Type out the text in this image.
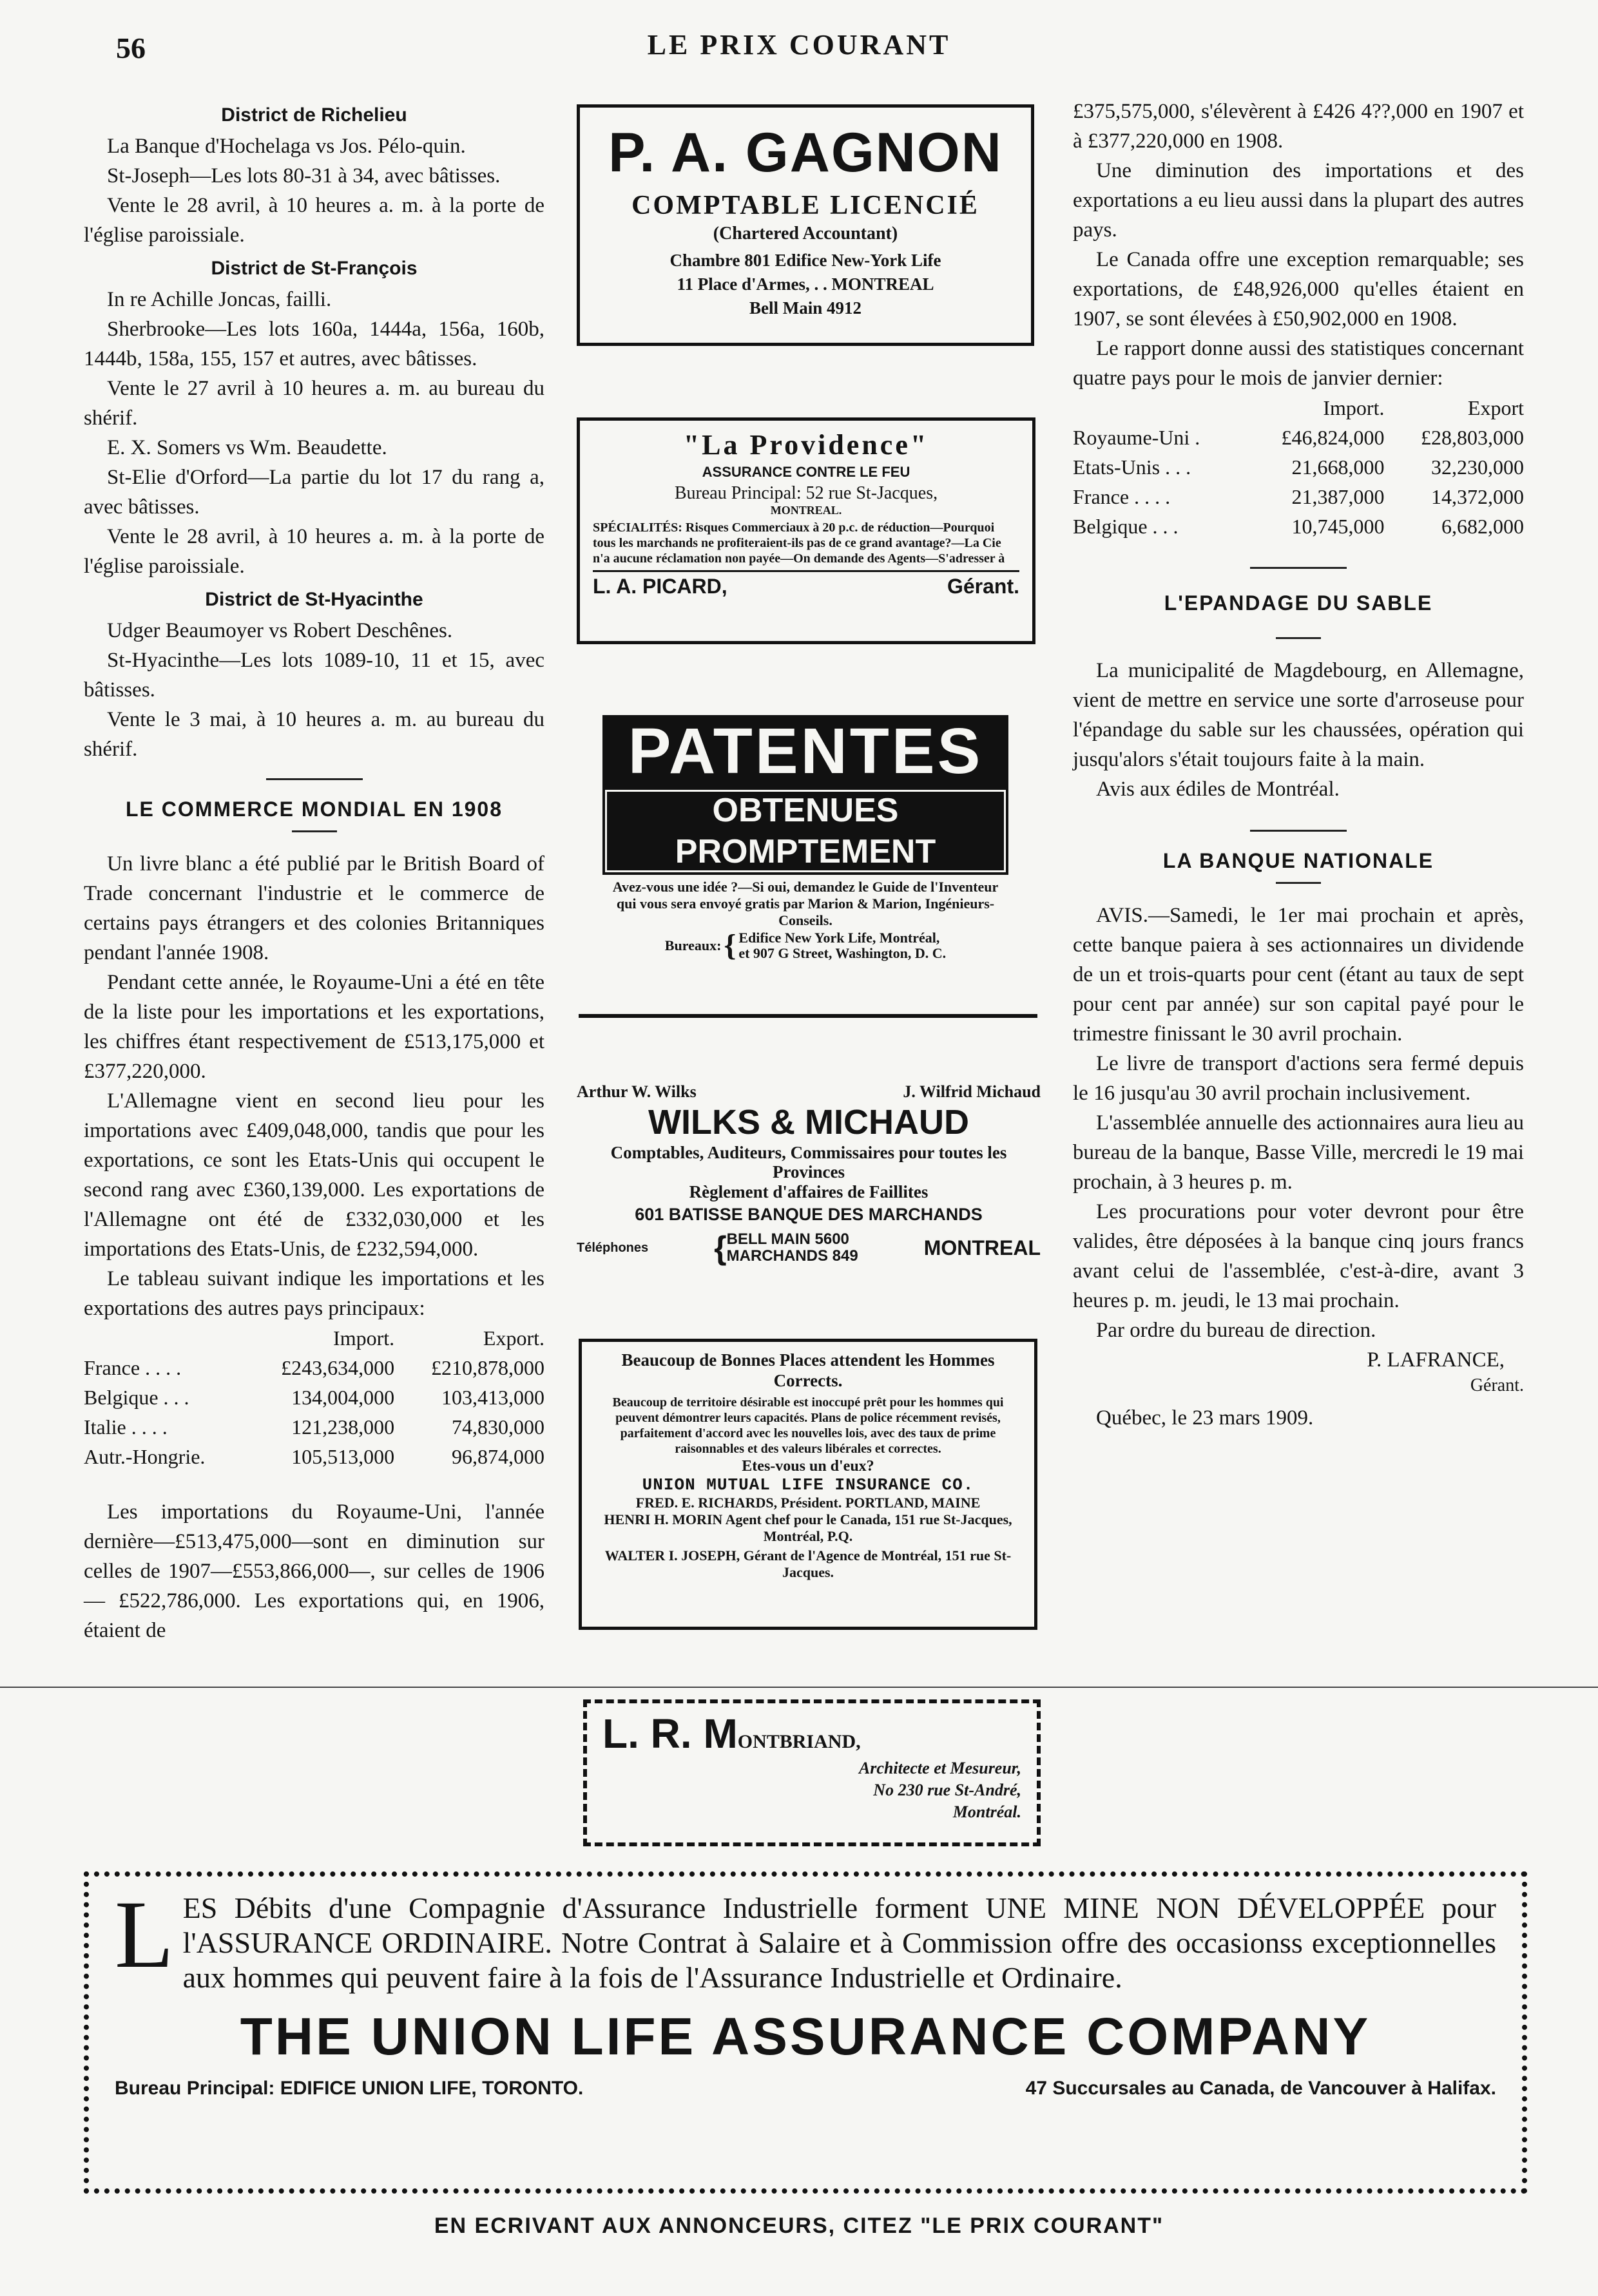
56	LE PRIX COURANT
District de Richelieu

La Banque d'Hochelaga vs Jos. Pélo-quin.

St-Joseph—Les lots 80-31 à 34, avec bâtisses.

Vente le 28 avril, à 10 heures a. m. à la porte de l'église paroissiale.

District de St-François

In re Achille Joncas, failli.

Sherbrooke—Les lots 160a, 1444a, 156a, 160b, 1444b, 158a, 155, 157 et autres, avec bâtisses.

Vente le 27 avril à 10 heures a. m. au bureau du shérif.

E. X. Somers vs Wm. Beaudette.

St-Elie d'Orford—La partie du lot 17 du rang a, avec bâtisses.

Vente le 28 avril, à 10 heures a. m. à la porte de l'église paroissiale.

District de St-Hyacinthe

Udger Beaumoyer vs Robert Deschênes.

St-Hyacinthe—Les lots 1089-10, 11 et 15, avec bâtisses.

Vente le 3 mai, à 10 heures a. m. au bureau du shérif.

LE COMMERCE MONDIAL EN 1908

Un livre blanc a été publié par le British Board of Trade concernant l'industrie et le commerce de certains pays étrangers et des colonies Britanniques pendant l'année 1908.

Pendant cette année, le Royaume-Uni a été en tête de la liste pour les importations et les exportations, les chiffres étant respectivement de £513,175,000 et £377,220,000.

L'Allemagne vient en second lieu pour les importations avec £409,048,000, tandis que pour les exportations, ce sont les Etats-Unis qui occupent le second rang avec £360,139,000. Les exportations de l'Allemagne ont été de £332,030,000 et les importations des Etats-Unis, de £232,594,000.

Le tableau suivant indique les importations et les exportations des autres pays principaux:

	Import.	Export.
France . . . .	£243,634,000	£210,878,000
Belgique . . .	134,004,000	103,413,000
Italie . . . .	121,238,000	74,830,000
Autr.-Hongrie.	105,513,000	96,874,000

Les importations du Royaume-Uni, l'année dernière—£513,475,000—sont en diminution sur celles de 1907—£553,866,000—, sur celles de 1906 — £522,786,000. Les exportations qui, en 1906, étaient de

£375,575,000, s'élevèrent à £426 4??,000 en 1907 et à £377,220,000 en 1908.

Une diminution des importations et des exportations a eu lieu aussi dans la plupart des autres pays.

Le Canada offre une exception remarquable; ses exportations, de £48,926,000 qu'elles étaient en 1907, se sont élevées à £50,902,000 en 1908.

Le rapport donne aussi des statistiques concernant quatre pays pour le mois de janvier dernier:

	Import.	Export
Royaume-Uni .	£46,824,000	£28,803,000
Etats-Unis . . .	21,668,000	32,230,000
France . . . .	21,387,000	14,372,000
Belgique . . .	10,745,000	6,682,000
L'EPANDAGE DU SABLE

La municipalité de Magdebourg, en Allemagne, vient de mettre en service une sorte d'arroseuse pour l'épandage du sable sur les chaussées, opération qui jusqu'alors s'était toujours faite à la main.

Avis aux édiles de Montréal.

LA BANQUE NATIONALE

AVIS.—Samedi, le 1er mai prochain et après, cette banque paiera à ses actionnaires un dividende de un et trois-quarts pour cent (étant au taux de sept pour cent par année) sur son capital payé pour le trimestre finissant le 30 avril prochain.

Le livre de transport d'actions sera fermé depuis le 16 jusqu'au 30 avril prochain inclusivement.

L'assemblée annuelle des actionnaires aura lieu au bureau de la banque, Basse Ville, mercredi le 19 mai prochain, à 3 heures p. m.

Les procurations pour voter devront pour être valides, être déposées à la banque cinq jours francs avant celui de l'assemblée, c'est-à-dire, avant 3 heures p. m. jeudi, le 13 mai prochain.

Par ordre du bureau de direction.

P. LAFRANCE,

Gérant.

Québec, le 23 mars 1909.

P. A. GAGNON
COMPTABLE LICENCIÉ
(Chartered Accountant)
Chambre 801 Edifice New-York Life
11 Place d'Armes, . . MONTREAL
Bell Main 4912
"La Providence"
ASSURANCE CONTRE LE FEU
Bureau Principal: 52 rue St-Jacques,
MONTREAL.
SPÉCIALITÉS: Risques Commerciaux à 20 p.c. de réduction—Pourquoi tous les marchands ne profiteraient-ils pas de ce grand avantage?—La Cie n'a aucune réclamation non payée—On demande des Agents—S'adresser à
L. A. PICARD,	Gérant.
PATENTES
OBTENUES PROMPTEMENT
Avez-vous une idée ?—Si oui, demandez le Guide de l'Inventeur qui vous sera envoyé gratis par Marion & Marion, Ingénieurs-Conseils.
Bureaux: { Edifice New York Life, Montréal,
et 907 G Street, Washington, D. C.
Arthur W. Wilks	J. Wilfrid Michaud
WILKS & MICHAUD
Comptables, Auditeurs, Commissaires pour toutes les Provinces
Règlement d'affaires de Faillites
601 BATISSE BANQUE DES MARCHANDS
Téléphones { BELL MAIN 5600
MARCHANDS 849	MONTREAL
Beaucoup de Bonnes Places attendent les Hommes Corrects.
Beaucoup de territoire désirable est inoccupé prêt pour les hommes qui peuvent démontrer leurs capacités. Plans de police récemment revisés, parfaitement d'accord avec les nouvelles lois, avec des taux de prime raisonnables et des valeurs libérales et correctes.
Etes-vous un d'eux?
UNION MUTUAL LIFE INSURANCE CO.
FRED. E. RICHARDS, Président. PORTLAND, MAINE
HENRI H. MORIN Agent chef pour le Canada, 151 rue St-Jacques, Montréal, P.Q.
WALTER I. JOSEPH, Gérant de l'Agence de Montréal, 151 rue St-Jacques.
L. R. M ONTBRIAND,
Architecte et Mesureur,
No 230 rue St-André,
Montréal.
L ES Débits d'une Compagnie d'Assurance Industrielle forment UNE MINE NON DÉVELOPPÉE pour l'ASSURANCE ORDINAIRE. Notre Contrat à Salaire et à Commission offre des occasionss exceptionnelles aux hommes qui peuvent faire à la fois de l'Assurance Industrielle et Ordinaire.
THE UNION LIFE ASSURANCE COMPANY
Bureau Principal: EDIFICE UNION LIFE, TORONTO.	47 Succursales au Canada, de Vancouver à Halifax.
EN ECRIVANT AUX ANNONCEURS, CITEZ "LE PRIX COURANT"
